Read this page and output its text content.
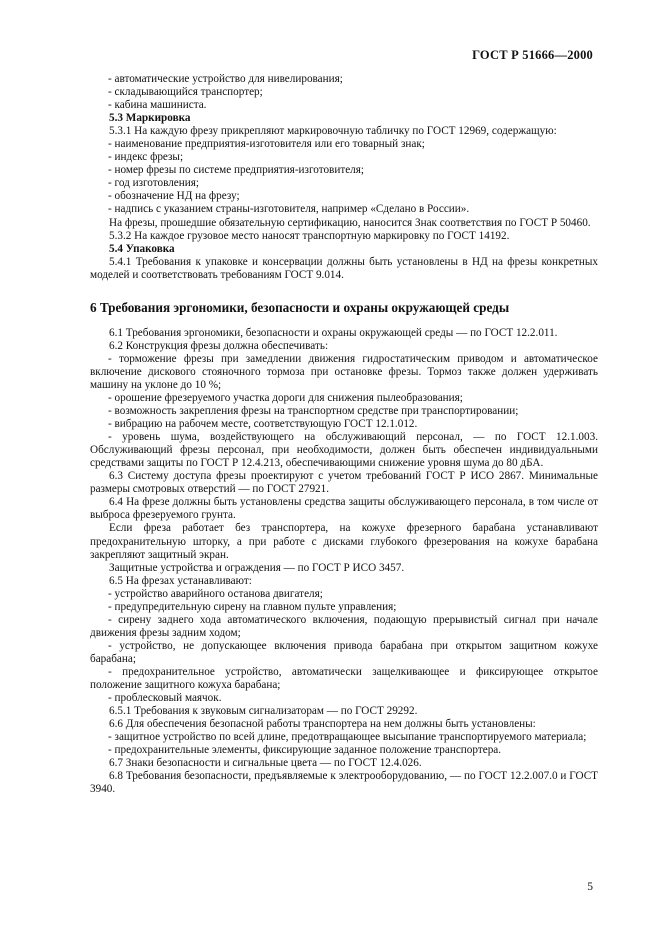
ГОСТ Р 51666—2000

- автоматические устройство для нивелирования;

- складывающийся транспортер;

- кабина машиниста.

5.3 Маркировка

5.3.1 На каждую фрезу прикрепляют маркировочную табличку по ГОСТ 12969, содержащую:

- наименование предприятия-изготовителя или его товарный знак;

- индекс фрезы;

- номер фрезы по системе предприятия-изготовителя;

- год изготовления;

- обозначение НД на фрезу;

- надпись с указанием страны-изготовителя, например «Сделано в России».

На фрезы, прошедшие обязательную сертификацию, наносится Знак соответствия по ГОСТ Р 50460.

5.3.2 На каждое грузовое место наносят транспортную маркировку по ГОСТ 14192.

5.4 Упаковка

5.4.1 Требования к упаковке и консервации должны быть установлены в НД на фрезы конкретных моделей и соответствовать требованиям ГОСТ 9.014.

6 Требования эргономики, безопасности и охраны окружающей среды

6.1 Требования эргономики, безопасности и охраны окружающей среды — по ГОСТ 12.2.011.

6.2 Конструкция фрезы должна обеспечивать:

- торможение фрезы при замедлении движения гидростатическим приводом и автоматическое включение дискового стояночного тормоза при остановке фрезы. Тормоз также должен удерживать машину на уклоне до 10 %;

- орошение фрезеруемого участка дороги для снижения пылеобразования;

- возможность закрепления фрезы на транспортном средстве при транспортировании;

- вибрацию на рабочем месте, соответствующую ГОСТ 12.1.012.

- уровень шума, воздействующего на обслуживающий персонал, — по ГОСТ 12.1.003. Обслуживающий фрезы персонал, при необходимости, должен быть обеспечен индивидуальными средствами защиты по ГОСТ Р 12.4.213, обеспечивающими снижение уровня шума до 80 дБА.

6.3 Систему доступа фрезы проектируют с учетом требований ГОСТ Р ИСО 2867. Минимальные размеры смотровых отверстий — по ГОСТ 27921.

6.4 На фрезе должны быть установлены средства защиты обслуживающего персонала, в том числе от выброса фрезеруемого грунта.

Если фреза работает без транспортера, на кожухе фрезерного барабана устанавливают предохранительную шторку, а при работе с дисками глубокого фрезерования на кожухе барабана закрепляют защитный экран.

Защитные устройства и ограждения — по ГОСТ Р ИСО 3457.

6.5 На фрезах устанавливают:

- устройство аварийного останова двигателя;

- предупредительную сирену на главном пульте управления;

- сирену заднего хода автоматического включения, подающую прерывистый сигнал при начале движения фрезы задним ходом;

- устройство, не допускающее включения привода барабана при открытом защитном кожухе барабана;

- предохранительное устройство, автоматически защелкивающее и фиксирующее открытое положение защитного кожуха барабана;

- проблесковый маячок.

6.5.1 Требования к звуковым сигнализаторам — по ГОСТ 29292.

6.6 Для обеспечения безопасной работы транспортера на нем должны быть установлены:

- защитное устройство по всей длине, предотвращающее высыпание транспортируемого материала;

- предохранительные элементы, фиксирующие заданное положение транспортера.

6.7 Знаки безопасности и сигнальные цвета — по ГОСТ 12.4.026.

6.8 Требования безопасности, предъявляемые к электрооборудованию, — по ГОСТ 12.2.007.0 и ГОСТ 3940.

5
